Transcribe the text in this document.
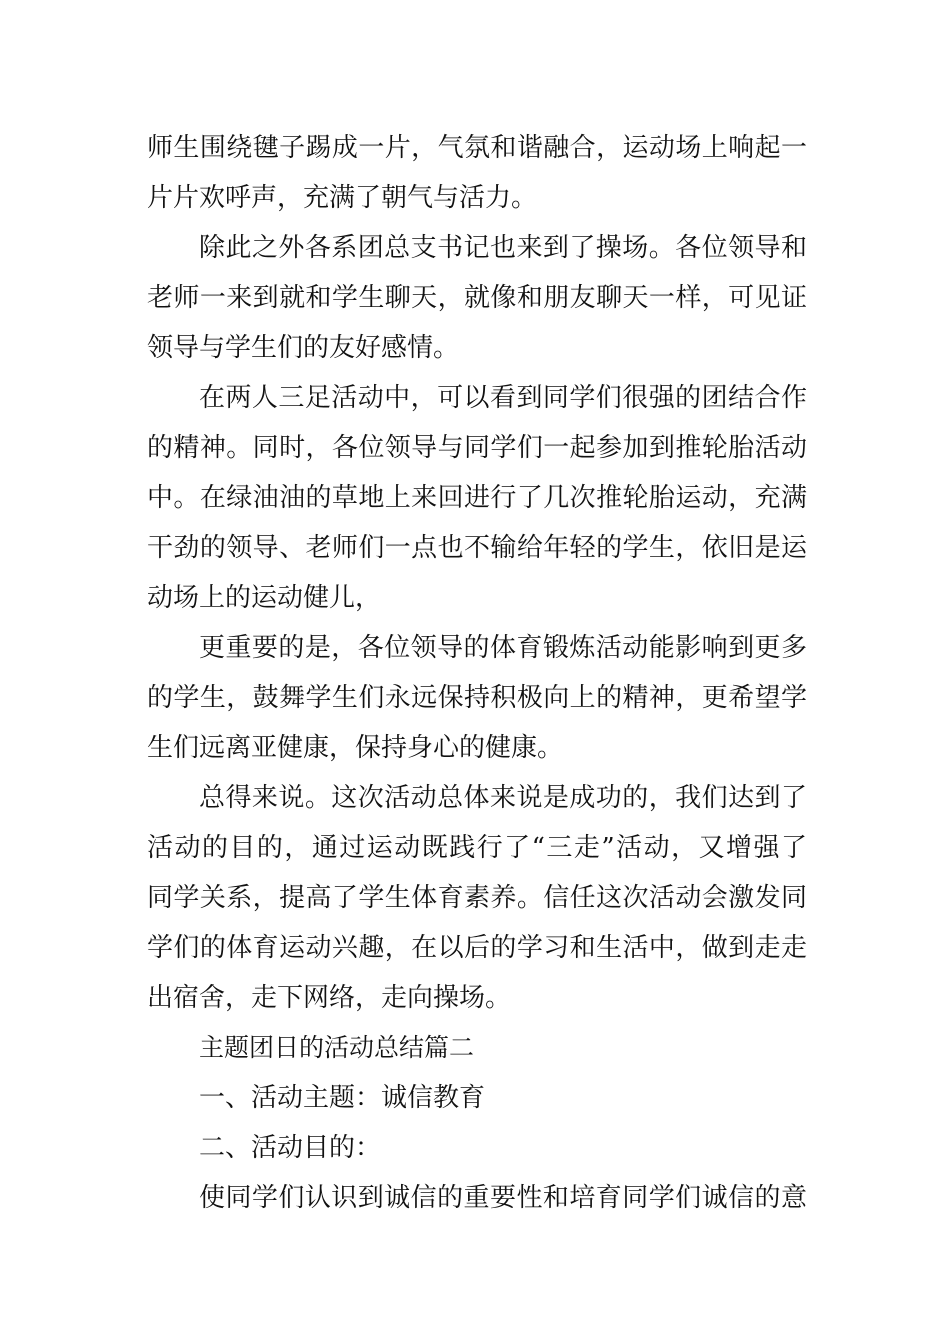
师生围绕毽子踢成一片，气氛和谐融合，运动场上响起一
片片欢呼声，充满了朝气与活力。
除此之外各系团总支书记也来到了操场。各位领导和
老师一来到就和学生聊天，就像和朋友聊天一样，可见证
领导与学生们的友好感情。
在两人三足活动中，可以看到同学们很强的团结合作
的精神。同时，各位领导与同学们一起参加到推轮胎活动
中。在绿油油的草地上来回进行了几次推轮胎运动，充满
干劲的领导、老师们一点也不输给年轻的学生，依旧是运
动场上的运动健儿，
更重要的是，各位领导的体育锻炼活动能影响到更多
的学生，鼓舞学生们永远保持积极向上的精神，更希望学
生们远离亚健康，保持身心的健康。
总得来说。这次活动总体来说是成功的，我们达到了
活动的目的，通过运动既践行了“三走”活动，又增强了
同学关系，提高了学生体育素养。信任这次活动会激发同
学们的体育运动兴趣，在以后的学习和生活中，做到走走
出宿舍，走下网络，走向操场。
主题团日的活动总结篇二
一、活动主题：诚信教育
二、活动目的：
使同学们认识到诚信的重要性和培育同学们诚信的意
